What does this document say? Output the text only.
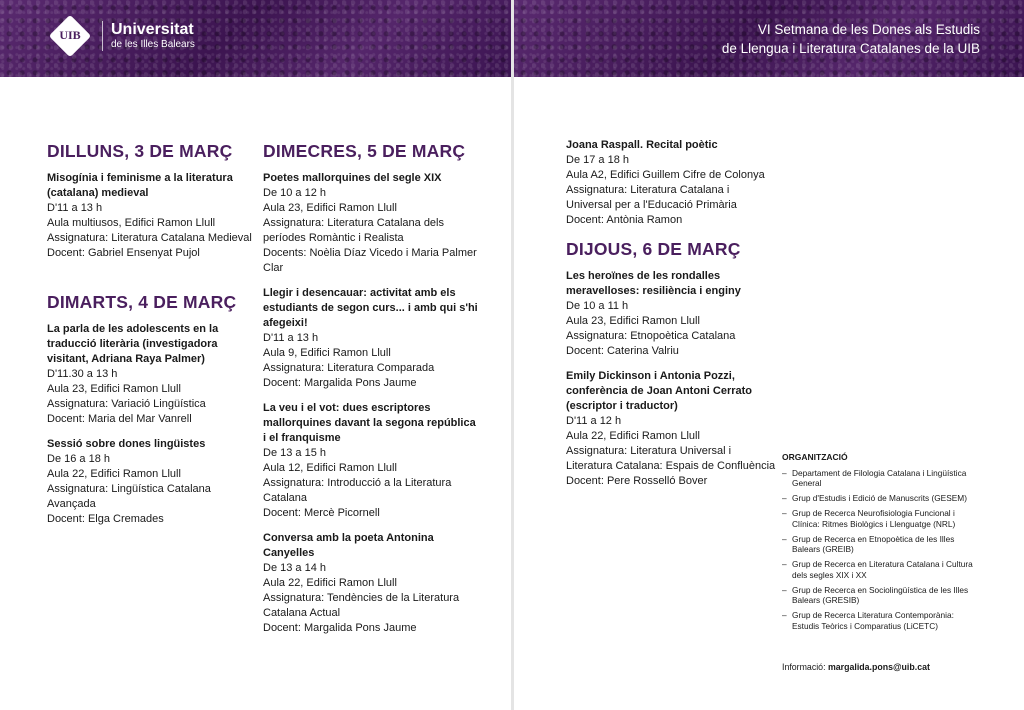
UIB	Universitat
de les Illes Balears
VI Setmana de les Dones als Estudis
de Llengua i Literatura Catalanes de la UIB
DILLUNS, 3 DE MARÇ
Misogínia i feminisme a la literatura (catalana) medieval
D'11 a 13 h
Aula multiusos, Edifici Ramon Llull
Assignatura: Literatura Catalana Medieval
Docent: Gabriel Ensenyat Pujol
DIMARTS, 4 DE MARÇ
La parla de les adolescents en la traducció literària (investigadora visitant, Adriana Raya Palmer)
D'11.30 a 13 h
Aula 23, Edifici Ramon Llull
Assignatura: Variació Lingüística
Docent: Maria del Mar Vanrell
Sessió sobre dones lingüistes
De 16 a 18 h
Aula 22, Edifici Ramon Llull
Assignatura: Lingüística Catalana Avançada
Docent: Elga Cremades
DIMECRES, 5 DE MARÇ
Poetes mallorquines del segle XIX
De 10 a 12 h
Aula 23, Edifici Ramon Llull
Assignatura: Literatura Catalana dels períodes Romàntic i Realista
Docents: Noèlia Díaz Vicedo i Maria Palmer Clar
Llegir i desencauar: activitat amb els estudiants de segon curs... i amb qui s'hi afegeixi!
D'11 a 13 h
Aula 9, Edifici Ramon Llull
Assignatura: Literatura Comparada
Docent: Margalida Pons Jaume
La veu i el vot: dues escriptores mallorquines davant la segona república i el franquisme
De 13 a 15 h
Aula 12, Edifici Ramon Llull
Assignatura: Introducció a la Literatura Catalana
Docent: Mercè Picornell
Conversa amb la poeta Antonina Canyelles
De 13 a 14 h
Aula 22, Edifici Ramon Llull
Assignatura: Tendències de la Literatura Catalana Actual
Docent: Margalida Pons Jaume
Joana Raspall. Recital poètic
De 17 a 18 h
Aula A2, Edifici Guillem Cifre de Colonya
Assignatura: Literatura Catalana i Universal per a l'Educació Primària
Docent: Antònia Ramon
DIJOUS, 6 DE MARÇ
Les heroïnes de les rondalles meravelloses: resiliència i enginy
De 10 a 11 h
Aula 23, Edifici Ramon Llull
Assignatura: Etnopoètica Catalana
Docent: Caterina Valriu
Emily Dickinson i Antonia Pozzi, conferència de Joan Antoni Cerrato (escriptor i traductor)
D'11 a 12 h
Aula 22, Edifici Ramon Llull
Assignatura: Literatura Universal i Literatura Catalana: Espais de Confluència
Docent: Pere Rosselló Bover
ORGANITZACIÓ
– Departament de Filologia Catalana i Lingüística General
– Grup d'Estudis i Edició de Manuscrits (GESEM)
– Grup de Recerca Neurofisiologia Funcional i Clínica: Ritmes Biològics i Llenguatge (NRL)
– Grup de Recerca en Etnopoètica de les Illes Balears (GREIB)
– Grup de Recerca en Literatura Catalana i Cultura dels segles XIX i XX
– Grup de Recerca en Sociolingüística de les Illes Balears (GRESIB)
– Grup de Recerca Literatura Contemporània: Estudis Teòrics i Comparatius (LiCETC)
Informació: margalida.pons@uib.cat
